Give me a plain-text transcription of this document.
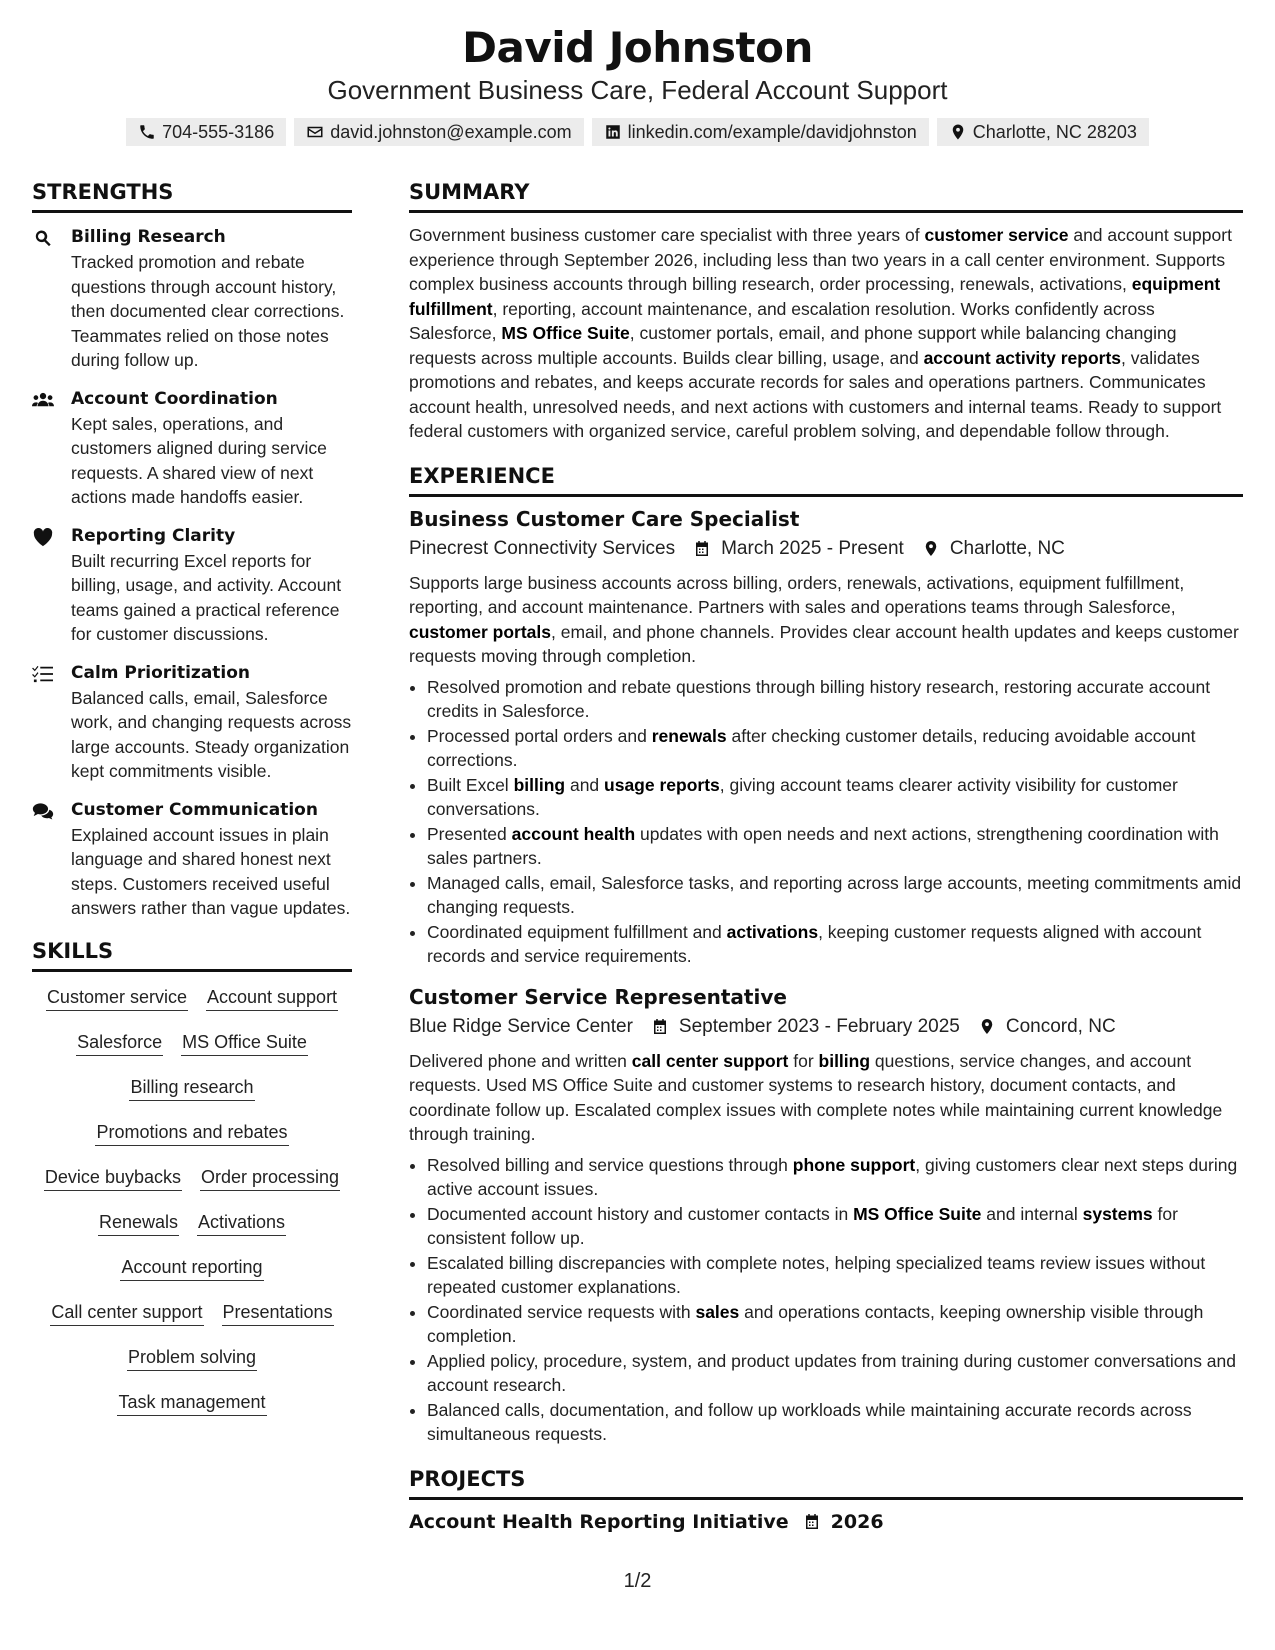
David Johnston
Government Business Care, Federal Account Support
704-555-3186	david.johnston@example.com	linkedin.com/example/davidjohnston	Charlotte, NC 28203
STRENGTHS
Billing Research
Tracked promotion and rebate questions through account history, then documented clear corrections. Teammates relied on those notes during follow up.
Account Coordination
Kept sales, operations, and customers aligned during service requests. A shared view of next actions made handoffs easier.
Reporting Clarity
Built recurring Excel reports for billing, usage, and activity. Account teams gained a practical reference for customer discussions.
Calm Prioritization
Balanced calls, email, Salesforce work, and changing requests across large accounts. Steady organization kept commitments visible.
Customer Communication
Explained account issues in plain language and shared honest next steps. Customers received useful answers rather than vague updates.
SKILLS
Customer service Account support
Salesforce MS Office Suite
Billing research
Promotions and rebates
Device buybacks Order processing
Renewals Activations
Account reporting
Call center support Presentations
Problem solving
Task management
SUMMARY
Government business customer care specialist with three years of customer service and account support experience through September 2026, including less than two years in a call center environment. Supports complex business accounts through billing research, order processing, renewals, activations, equipment fulfillment, reporting, account maintenance, and escalation resolution. Works confidently across Salesforce, MS Office Suite, customer portals, email, and phone support while balancing changing requests across multiple accounts. Builds clear billing, usage, and account activity reports, validates promotions and rebates, and keeps accurate records for sales and operations partners. Communicates account health, unresolved needs, and next actions with customers and internal teams. Ready to support federal customers with organized service, careful problem solving, and dependable follow through.
EXPERIENCE
Business Customer Care Specialist
Pinecrest Connectivity Services March 2025 - Present Charlotte, NC
Supports large business accounts across billing, orders, renewals, activations, equipment fulfillment, reporting, and account maintenance. Partners with sales and operations teams through Salesforce, customer portals, email, and phone channels. Provides clear account health updates and keeps customer requests moving through completion.
• Resolved promotion and rebate questions through billing history research, restoring accurate account credits in Salesforce.
• Processed portal orders and renewals after checking customer details, reducing avoidable account corrections.
• Built Excel billing and usage reports, giving account teams clearer activity visibility for customer conversations.
• Presented account health updates with open needs and next actions, strengthening coordination with sales partners.
• Managed calls, email, Salesforce tasks, and reporting across large accounts, meeting commitments amid changing requests.
• Coordinated equipment fulfillment and activations, keeping customer requests aligned with account records and service requirements.
Customer Service Representative
Blue Ridge Service Center September 2023 - February 2025 Concord, NC
Delivered phone and written call center support for billing questions, service changes, and account requests. Used MS Office Suite and customer systems to research history, document contacts, and coordinate follow up. Escalated complex issues with complete notes while maintaining current knowledge through training.
• Resolved billing and service questions through phone support, giving customers clear next steps during active account issues.
• Documented account history and customer contacts in MS Office Suite and internal systems for consistent follow up.
• Escalated billing discrepancies with complete notes, helping specialized teams review issues without repeated customer explanations.
• Coordinated service requests with sales and operations contacts, keeping ownership visible through completion.
• Applied policy, procedure, system, and product updates from training during customer conversations and account research.
• Balanced calls, documentation, and follow up workloads while maintaining accurate records across simultaneous requests.
PROJECTS
Account Health Reporting Initiative 2026
1/2
